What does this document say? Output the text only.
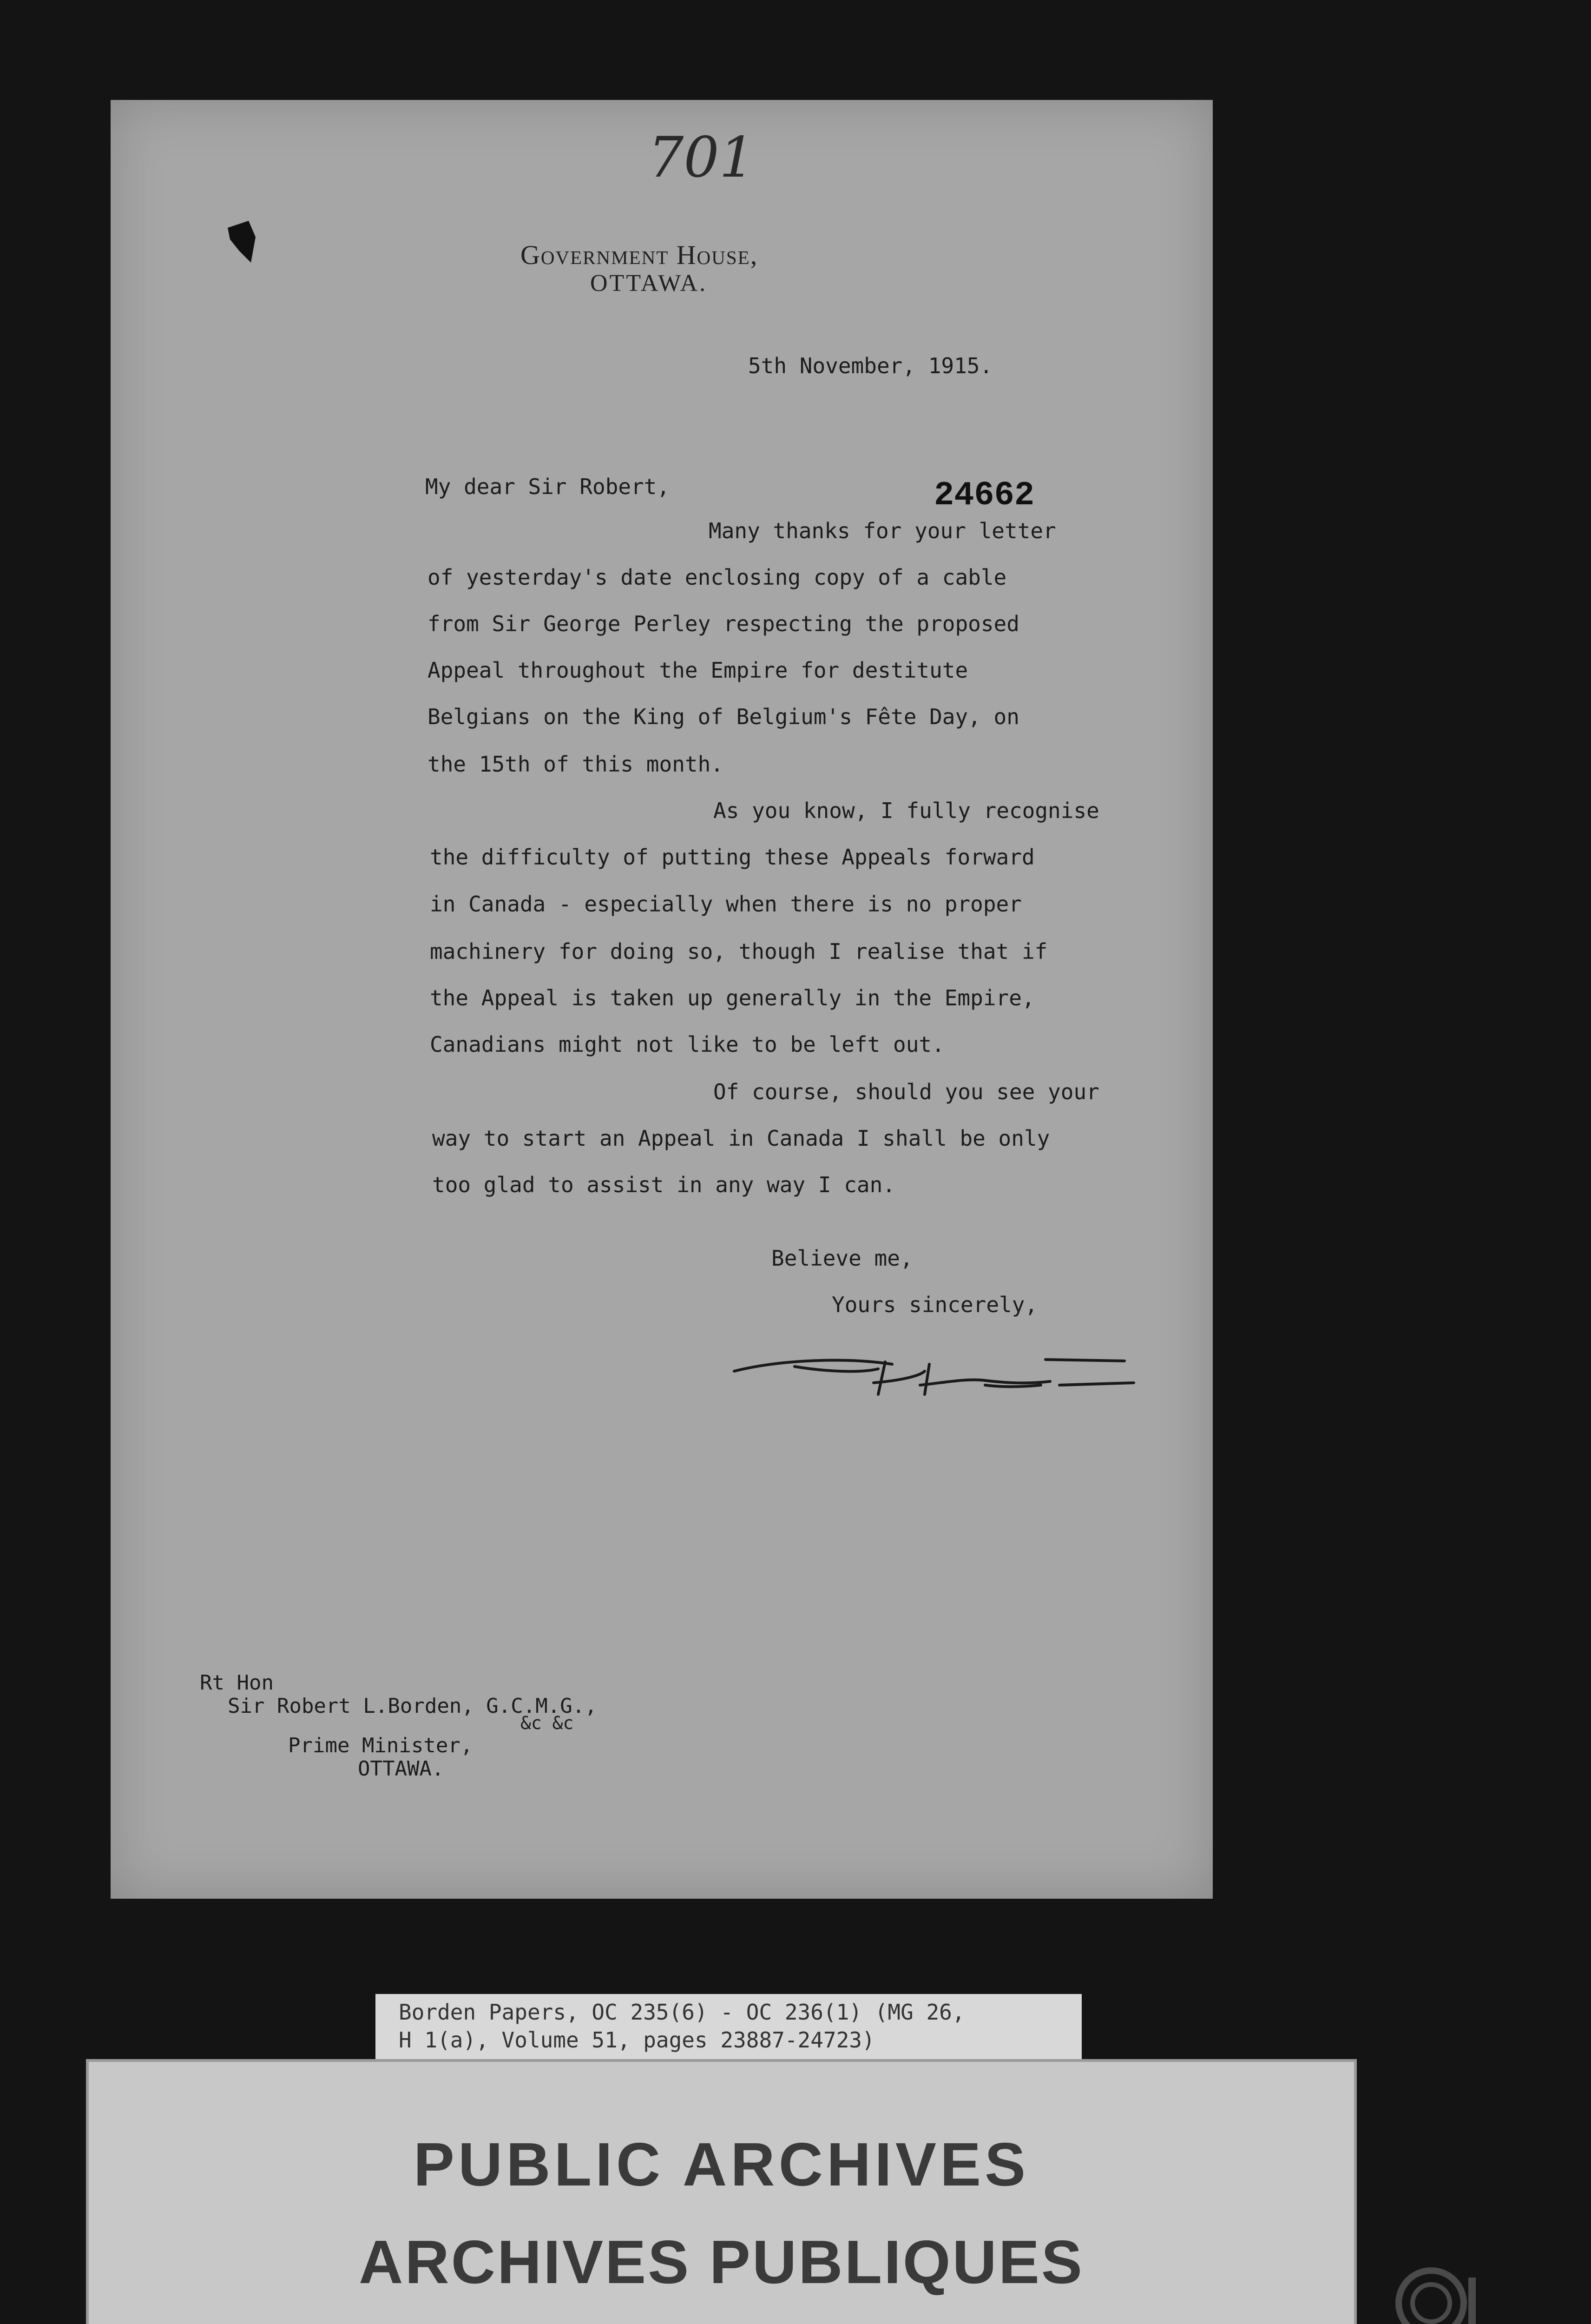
701
Government House,
OTTAWA.
5th November, 1915.
My dear Sir Robert,	24662
Many thanks for your letter
of yesterday's date enclosing copy of a cable
from Sir George Perley respecting the proposed
Appeal throughout the Empire for destitute
Belgians on the King of Belgium's Fête Day, on
the 15th of this month.
As you know, I fully recognise
the difficulty of putting these Appeals forward
in Canada - especially when there is no proper
machinery for doing so, though I realise that if
the Appeal is taken up generally in the Empire,
Canadians might not like to be left out.
Of course, should you see your
way to start an Appeal in Canada I shall be only
too glad to assist in any way I can.
Believe me,
Yours sincerely,
Rt Hon
Sir Robert L.Borden, G.C.M.G.,
&c &c
Prime Minister,
OTTAWA.
Borden Papers, OC 235(6) - OC 236(1) (MG 26,
H 1(a), Volume 51, pages 23887-24723)
PUBLIC ARCHIVES
ARCHIVES PUBLIQUES
